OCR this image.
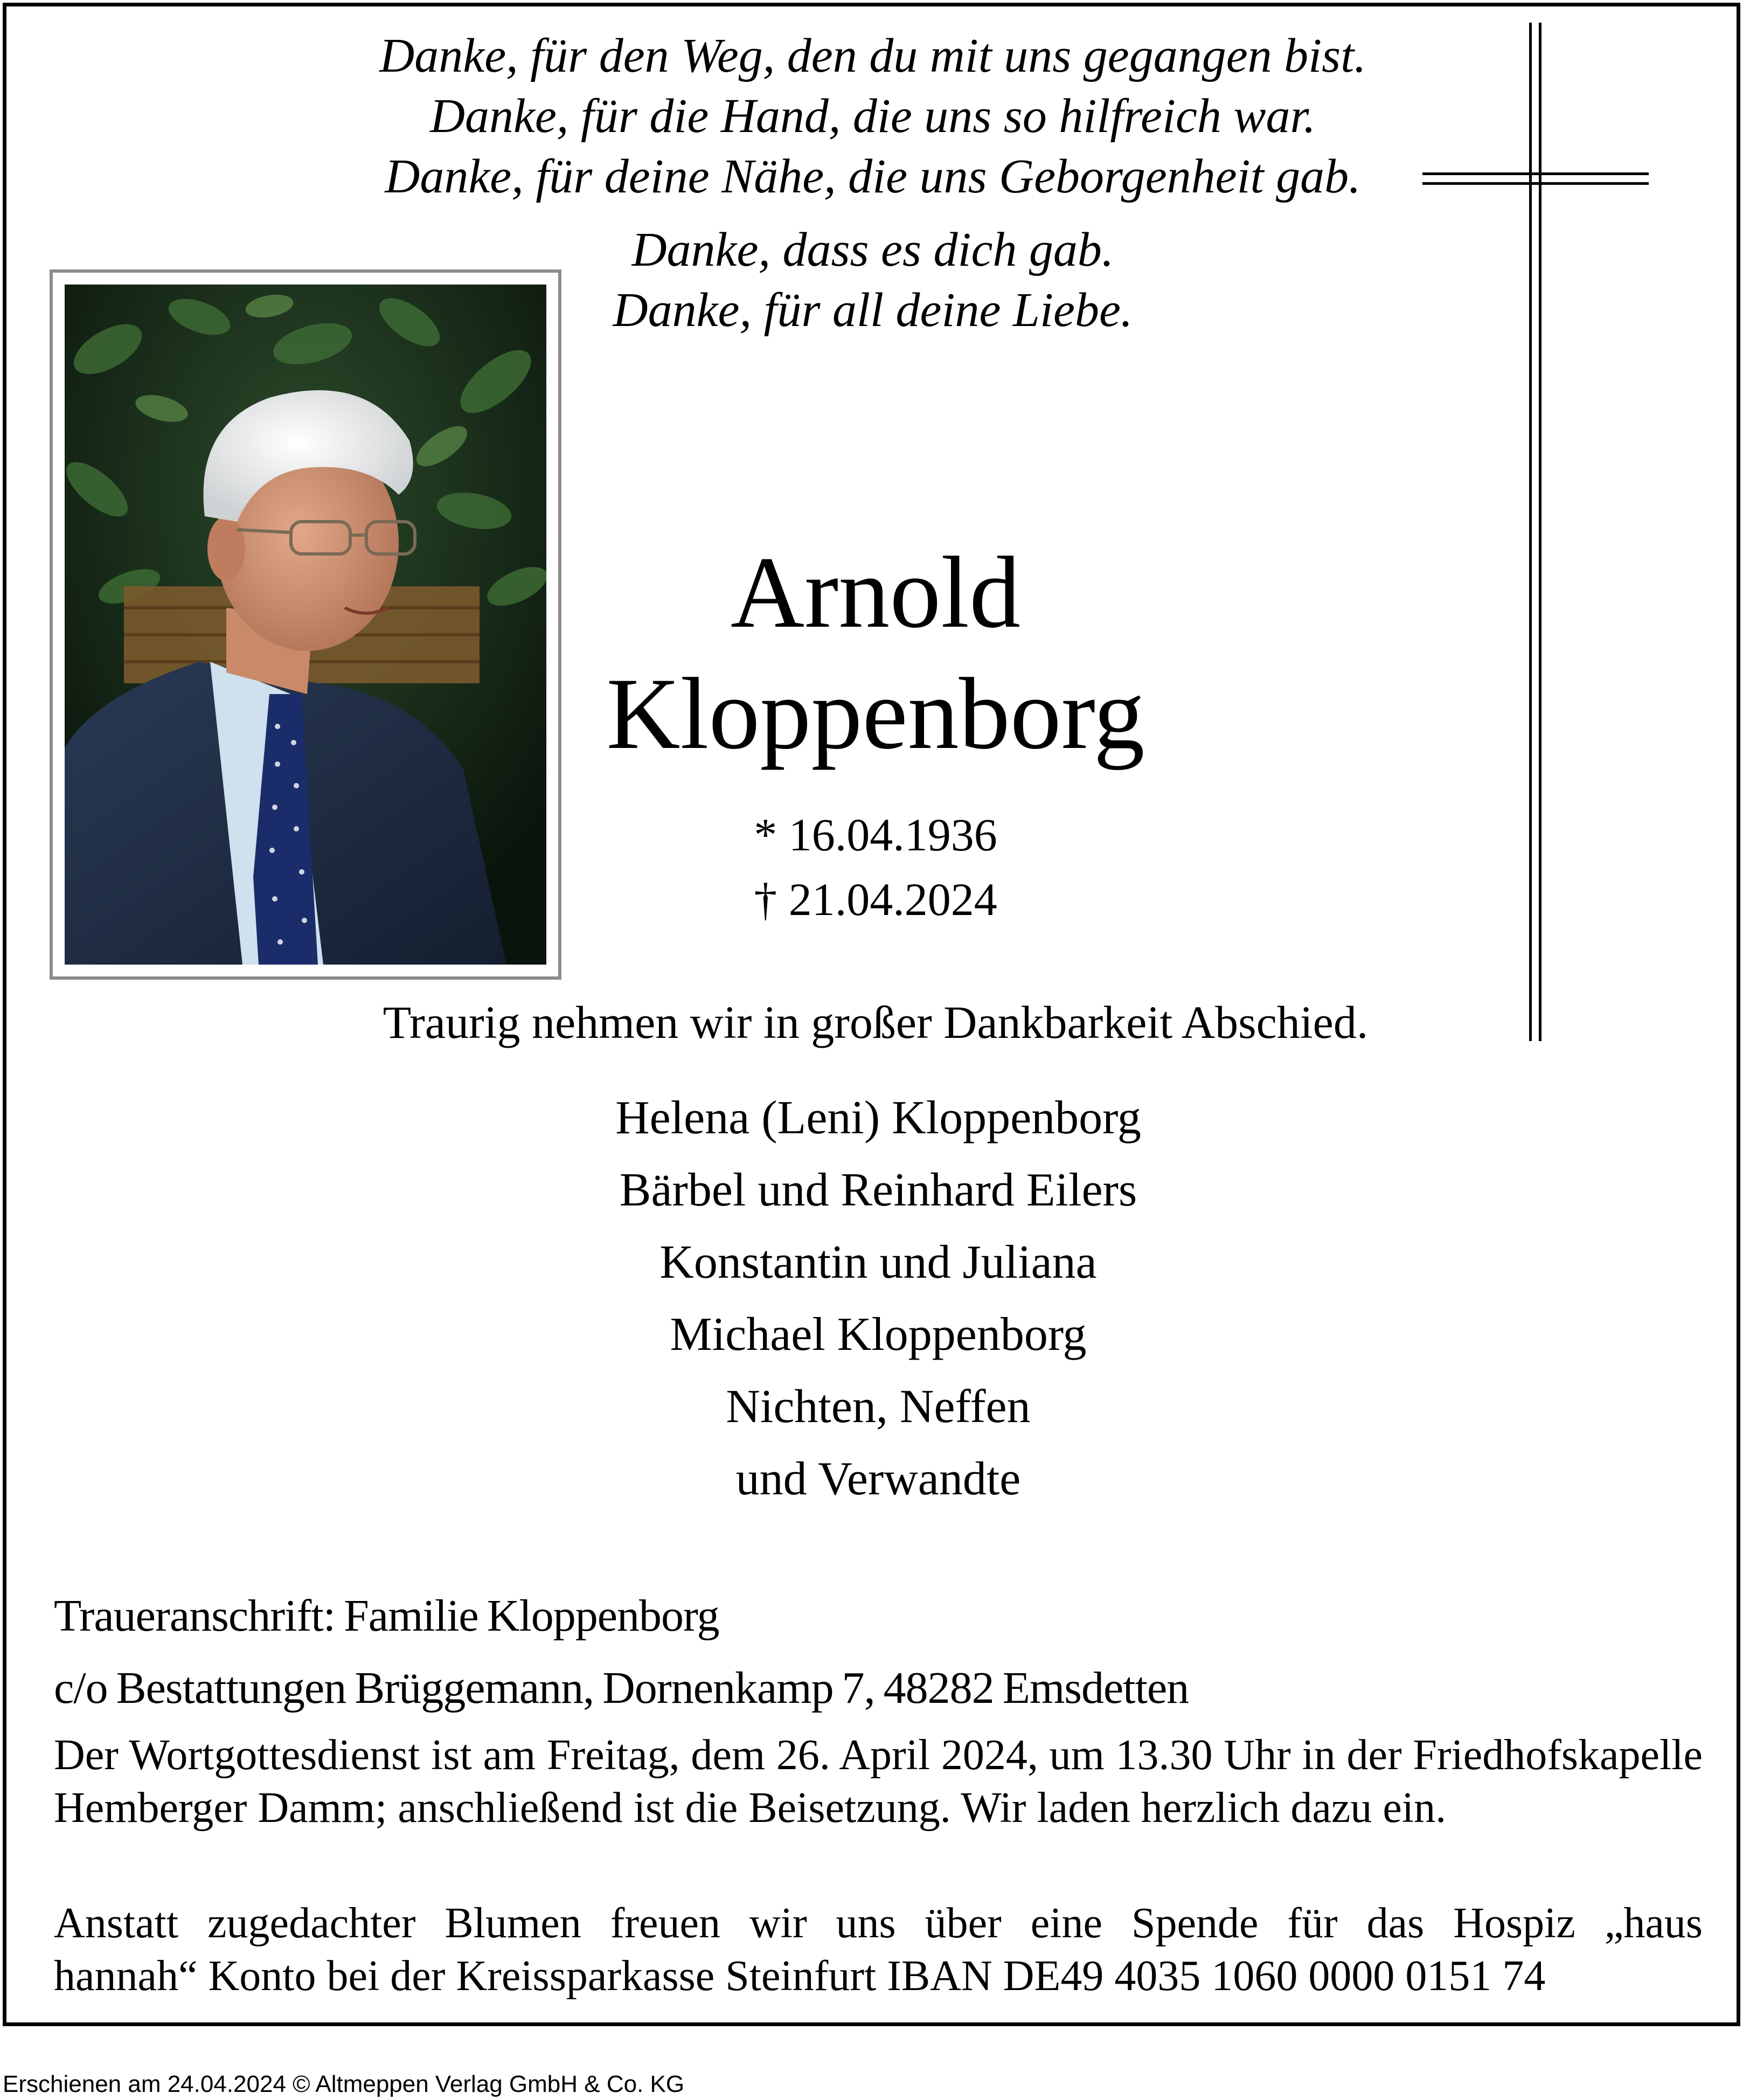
Danke, für den Weg, den du mit uns gegangen bist.
Danke, für die Hand, die uns so hilfreich war.
Danke, für deine Nähe, die uns Geborgenheit gab.
Danke, dass es dich gab.
Danke, für all deine Liebe.
Arnold
Kloppenborg
* 16.04.1936
† 21.04.2024
Traurig nehmen wir in großer Dankbarkeit Abschied.
Helena (Leni) Kloppenborg
Bärbel und Reinhard Eilers
Konstantin und Juliana
Michael Kloppenborg
Nichten, Neffen
und Verwandte
Traueranschrift: Familie Kloppenborg
c/o Bestattungen Brüggemann, Dornenkamp 7, 48282 Emsdetten
Der Wortgottesdienst ist am Freitag, dem 26. April 2024, um 13.30 Uhr in der Friedhofskapelle Hemberger Damm; anschließend ist die Beisetzung. Wir laden herzlich dazu ein.
Anstatt zugedachter Blumen freuen wir uns über eine Spende für das Hospiz „haus
hannah“ Konto bei der Kreissparkasse Steinfurt IBAN DE49 4035 1060 0000 0151 74
Erschienen am 24.04.2024 © Altmeppen Verlag GmbH & Co. KG
